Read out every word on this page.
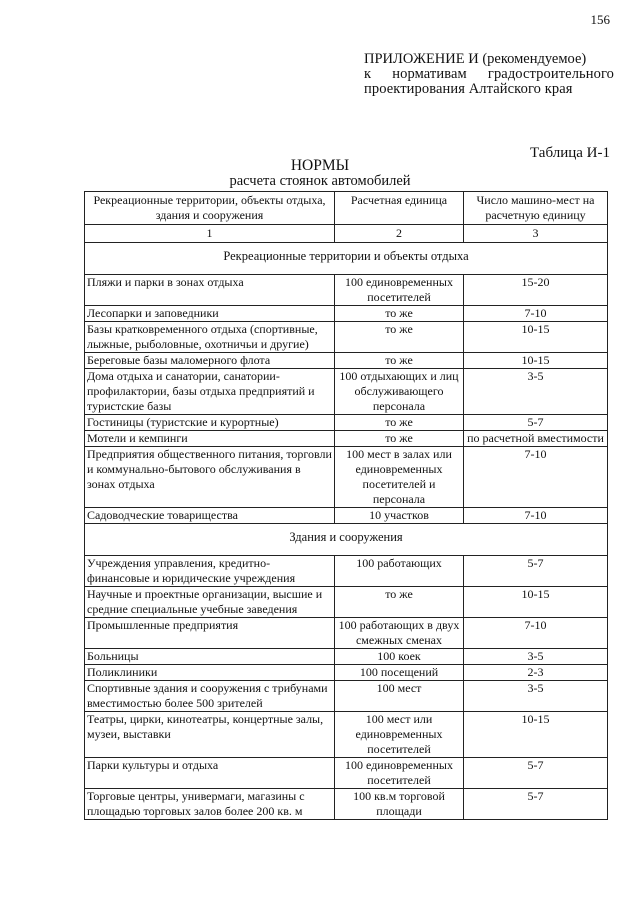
156
ПРИЛОЖЕНИЕ И (рекомендуемое)
к нормативам градостроительного
проектирования Алтайского края
Таблица И-1
НОРМЫ
расчета стоянок автомобилей
Рекреационные территории, объекты отдыха, здания и сооружения	Расчетная единица	Число машино-мест на расчетную единицу
1	2	3
Рекреационные территории и объекты отдыха		
Пляжи и парки в зонах отдыха	100 единовременных посетителей	15-20
Лесопарки и заповедники	то же	7-10
Базы кратковременного отдыха (спортивные, лыжные, рыболовные, охотничьи и другие)	то же	10-15
Береговые базы маломерного флота	то же	10-15
Дома отдыха и санатории, санатории-профилактории, базы отдыха предприятий и туристские базы	100 отдыхающих и лиц обслуживающего персонала	3-5
Гостиницы (туристские и курортные)	то же	5-7
Мотели и кемпинги	то же	по расчетной вместимости
Предприятия общественного питания, торговли и коммунально-бытового обслуживания в зонах отдыха	100 мест в залах или единовременных посетителей и персонала	7-10
Садоводческие товарищества	10 участков	7-10
Здания и сооружения		
Учреждения управления, кредитно-финансовые и юридические учреждения	100 работающих	5-7
Научные и проектные организации, высшие и средние специальные учебные заведения	то же	10-15
Промышленные предприятия	100 работающих в двух смежных сменах	7-10
Больницы	100 коек	3-5
Поликлиники	100 посещений	2-3
Спортивные здания и сооружения с трибунами вместимостью более 500 зрителей	100 мест	3-5
Театры, цирки, кинотеатры, концертные залы, музеи, выставки	100 мест или единовременных посетителей	10-15
Парки культуры и отдыха	100 единовременных посетителей	5-7
Торговые центры, универмаги, магазины с площадью торговых залов более 200 кв. м	100 кв.м торговой площади	5-7
